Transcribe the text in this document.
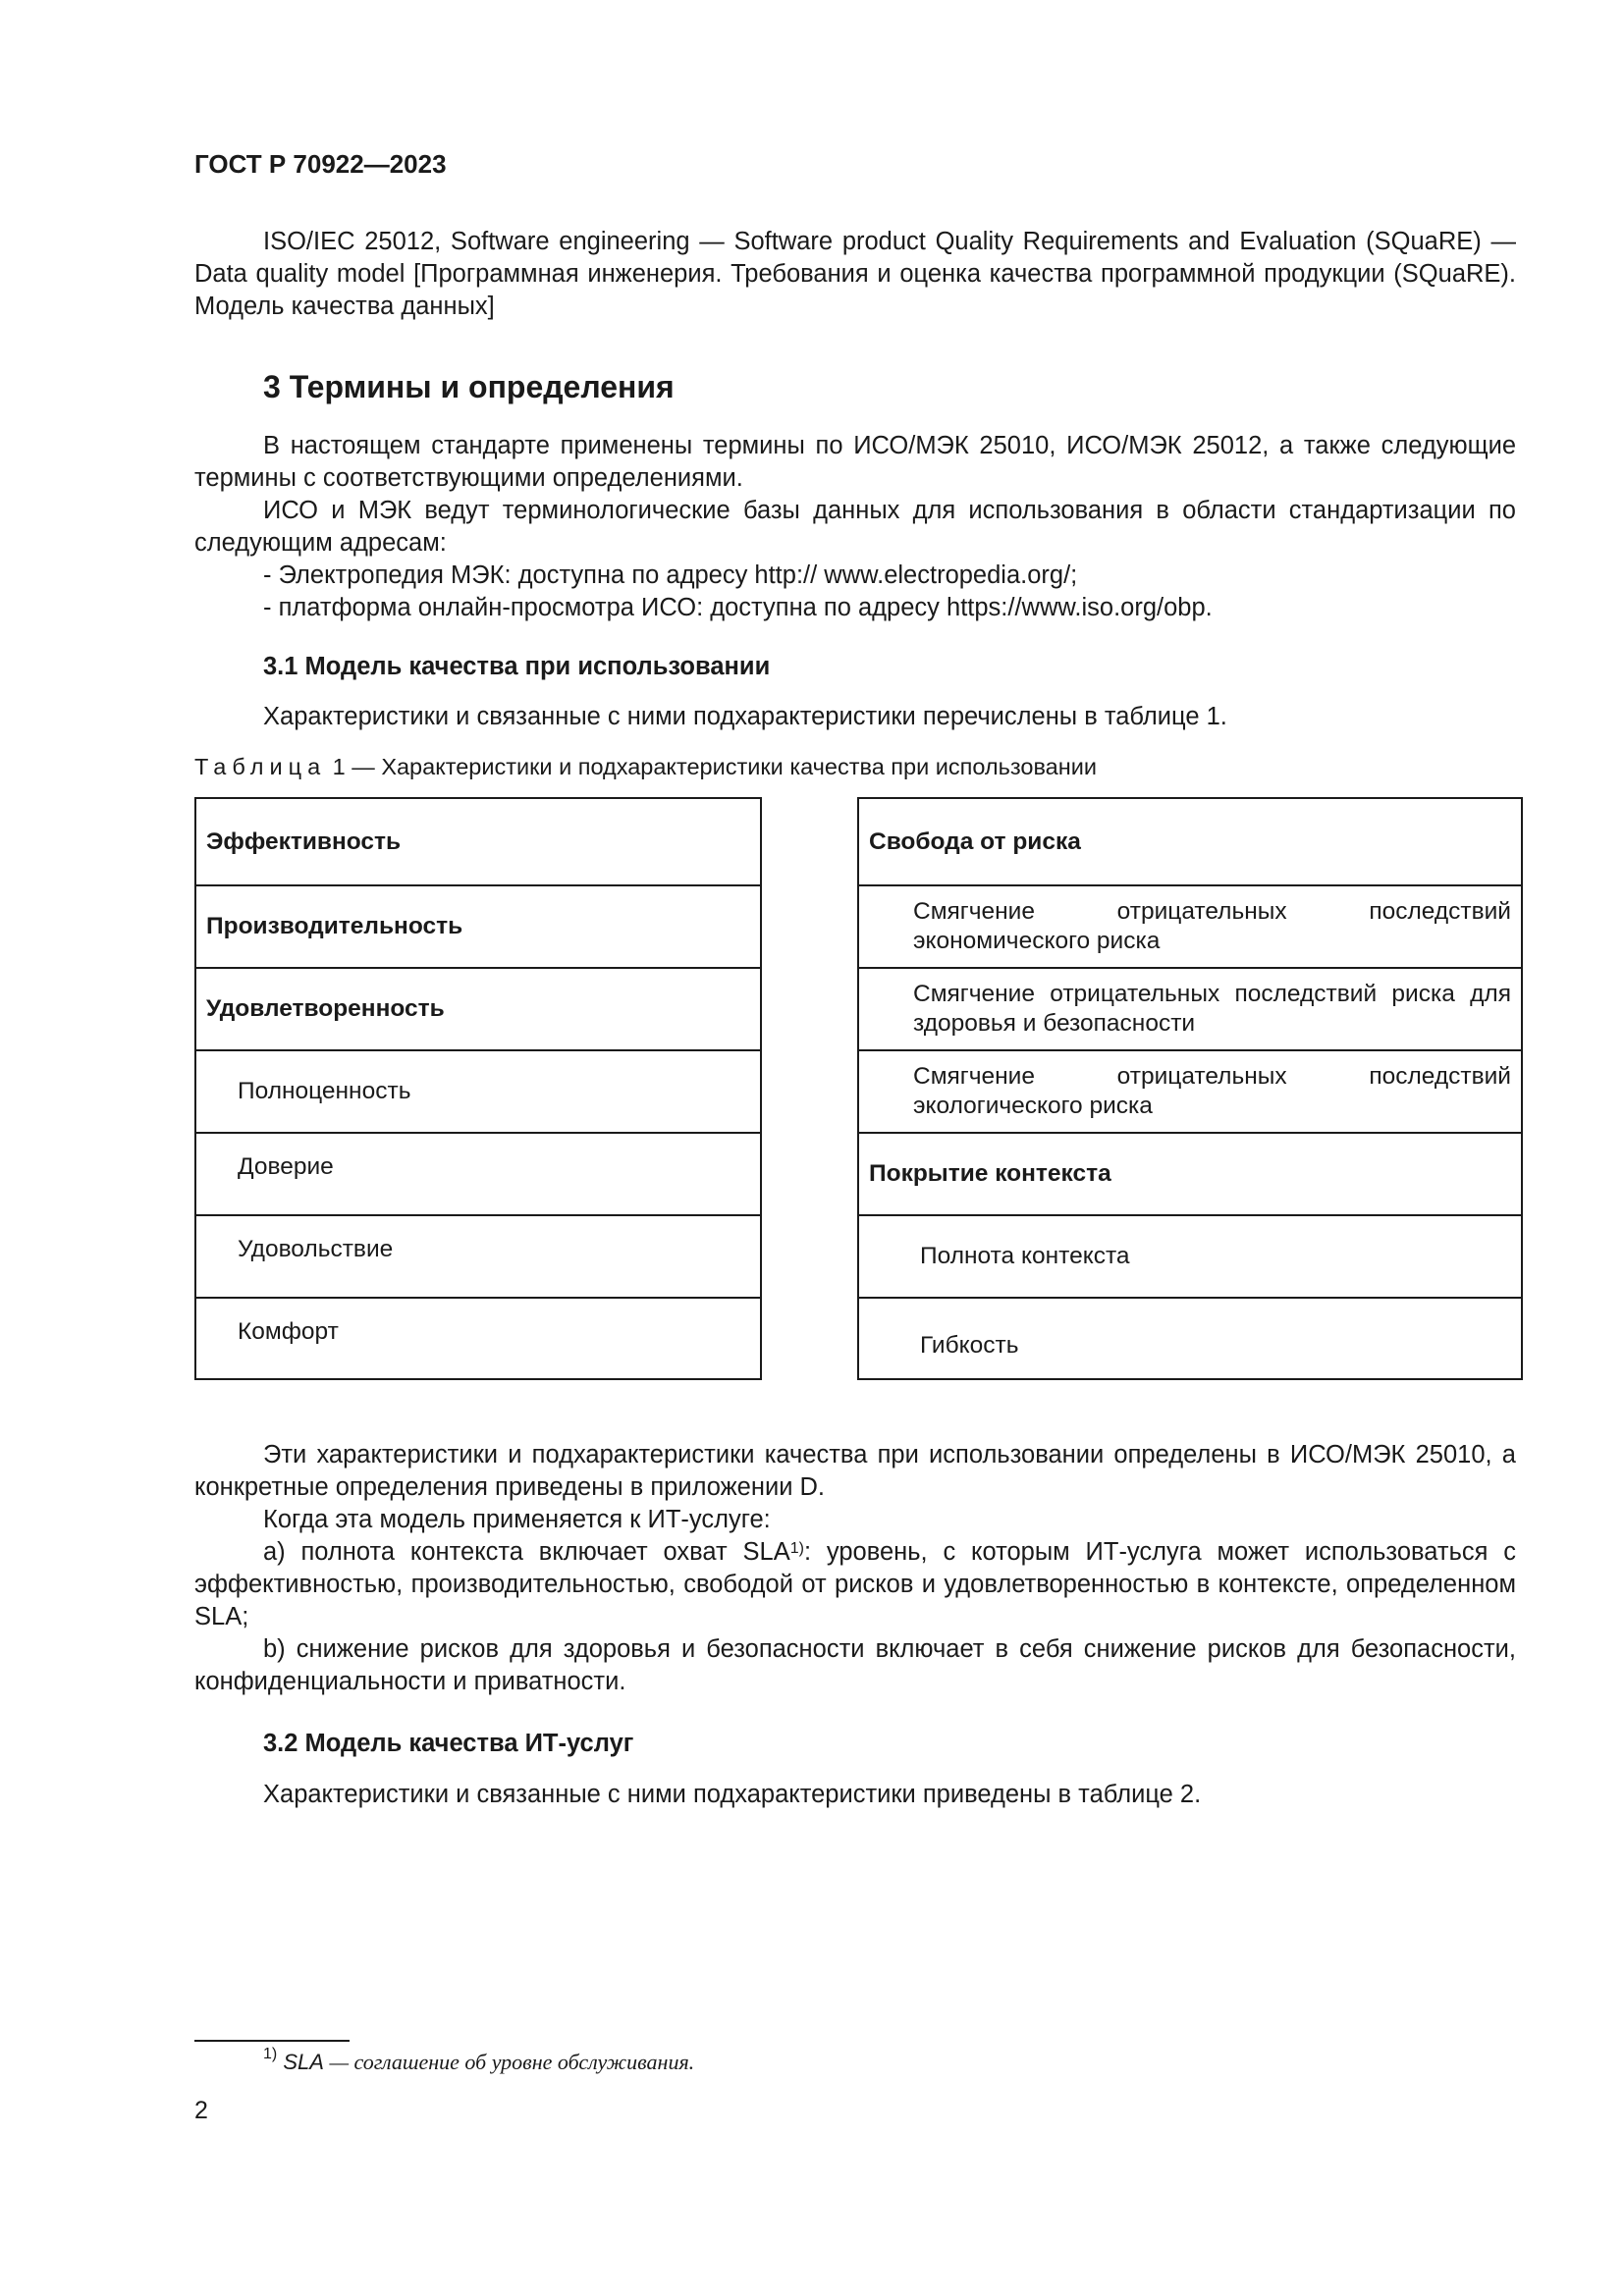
ГОСТ Р 70922—2023

ISO/IEC 25012, Software engineering — Software product Quality Requirements and Evaluation (SQuaRE) — Data quality model [Программная инженерия. Требования и оценка качества программной продукции (SQuaRE). Модель качества данных]

3 Термины и определения

В настоящем стандарте применены термины по ИСО/МЭК 25010, ИСО/МЭК 25012, а также следующие термины с соответствующими определениями.

ИСО и МЭК ведут терминологические базы данных для использования в области стандартизации по следующим адресам:

- Электропедия МЭК: доступна по адресу http:// www.electropedia.org/;
- платформа онлайн-просмотра ИСО: доступна по адресу https://www.iso.org/obp.
3.1 Модель качества при использовании
Характеристики и связанные с ними подхарактеристики перечислены в таблице 1.
Таблица 1 — Характеристики и подхарактеристики качества при использовании
Эффективность
Производительность
Удовлетворенность
Полноценность
Доверие
Удовольствие
Комфорт
Свобода от риска
Смягчение отрицательных последствий экономического риска
Смягчение отрицательных последствий риска для здоровья и безопасности
Смягчение отрицательных последствий экологического риска
Покрытие контекста
Полнота контекста
Гибкость

Эти характеристики и подхарактеристики качества при использовании определены в ИСО/МЭК 25010, а конкретные определения приведены в приложении D.

Когда эта модель применяется к ИТ-услуге:

а) полнота контекста включает охват SLA$^{1)}$: уровень, с которым ИТ-услуга может использоваться с эффективностью, производительностью, свободой от рисков и удовлетворенностью в контексте, определенном SLA;

b) снижение рисков для здоровья и безопасности включает в себя снижение рисков для безопасности, конфиденциальности и приватности.

3.2 Модель качества ИТ-услуг
Характеристики и связанные с ними подхарактеристики приведены в таблице 2.
$^{1)}$ SLA — соглашение об уровне обслуживания.
2
